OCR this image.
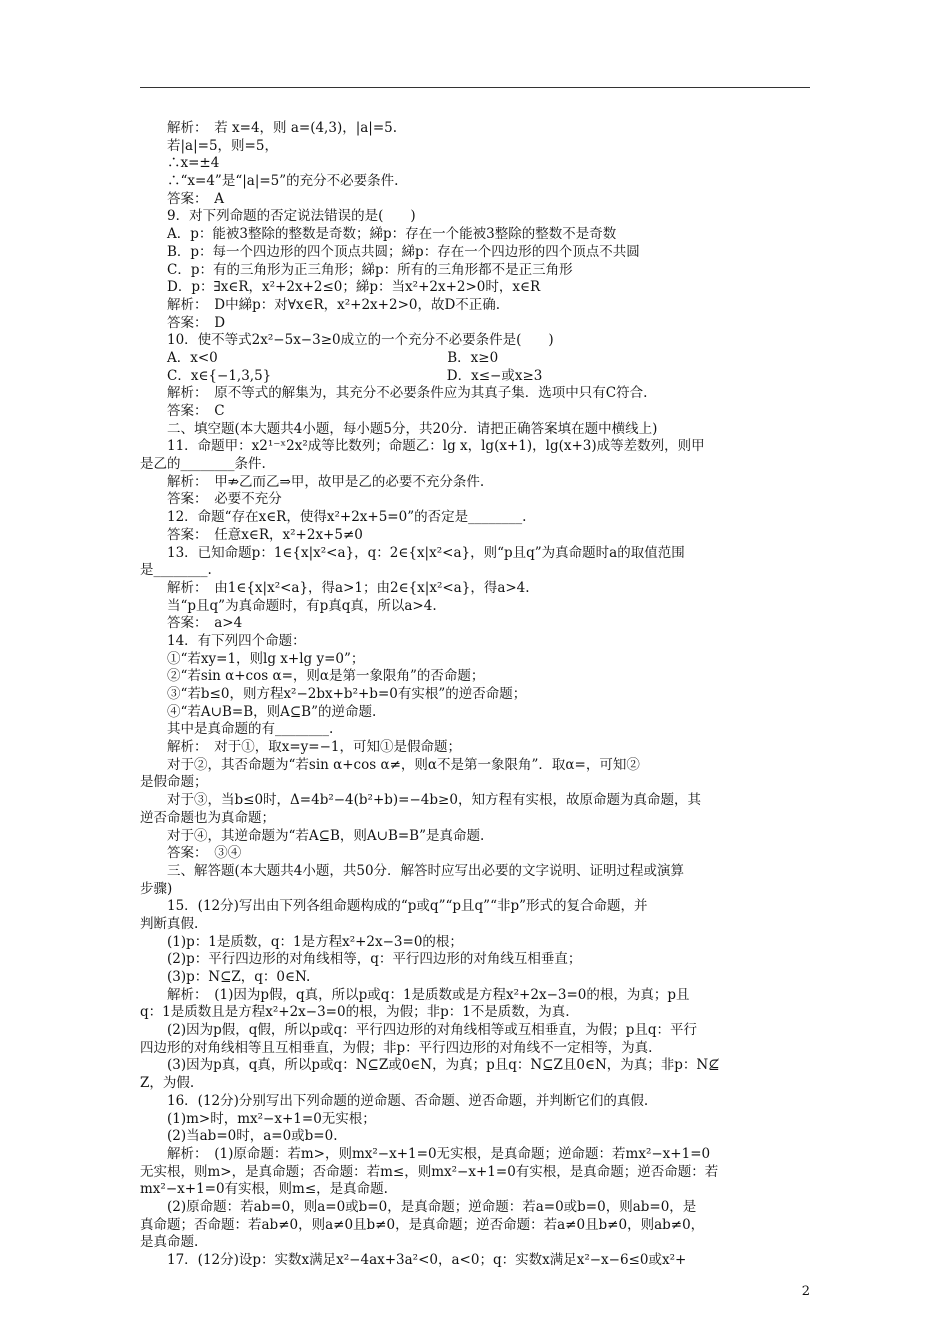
　　解析：　若 x=4，则 a=(4,3)，|a|=5.
　　若|a|=5，则=5，
　　∴x=±4
　　∴“x=4”是“|a|=5”的充分不必要条件.
　　答案：　A
　　9．对下列命题的否定说法错误的是(　　)
　　A．p：能被3整除的整数是奇数；綈p：存在一个能被3整除的整数不是奇数
　　B．p：每一个四边形的四个顶点共圆；綈p：存在一个四边形的四个顶点不共圆
　　C．p：有的三角形为正三角形；綈p：所有的三角形都不是正三角形
　　D．p：∃x∈R，x²+2x+2≤0；綈p：当x²+2x+2>0时，x∈R
　　解析：　D中綈p：对∀x∈R，x²+2x+2>0，故D不正确.
　　答案：　D
　　10．使不等式2x²−5x−3≥0成立的一个充分不必要条件是(　　)
　　A．x<0　　　　　　　　　　　　　　　　　B．x≥0
　　C．x∈{−1,3,5}　　　　　　　　　　　　　D．x≤−或x≥3
　　解析：　原不等式的解集为，其充分不必要条件应为其真子集．选项中只有C符合.
　　答案：　C
　　二、填空题(本大题共4小题，每小题5分，共20分．请把正确答案填在题中横线上)
　　11．命题甲：x2¹⁻ˣ2x²成等比数列；命题乙：lg x，lg(x+1)，lg(x+3)成等差数列，则甲
是乙的________条件.
　　解析：　甲⇏乙而乙⇒甲，故甲是乙的必要不充分条件.
　　答案：　必要不充分
　　12．命题“存在x∈R，使得x²+2x+5=0”的否定是________.
　　答案：　任意x∈R，x²+2x+5≠0
　　13．已知命题p：1∈{x|x²<a}，q：2∈{x|x²<a}，则“p且q”为真命题时a的取值范围
是________.
　　解析：　由1∈{x|x²<a}，得a>1；由2∈{x|x²<a}，得a>4.
　　当“p且q”为真命题时，有p真q真，所以a>4.
　　答案：　a>4
　　14．有下列四个命题：
　　①“若xy=1，则lg x+lg y=0”；
　　②“若sin α+cos α=，则α是第一象限角”的否命题；
　　③“若b≤0，则方程x²−2bx+b²+b=0有实根”的逆否命题；
　　④“若A∪B=B，则A⊆B”的逆命题.
　　其中是真命题的有________.
　　解析：　对于①，取x=y=−1，可知①是假命题；
　　对于②，其否命题为“若sin α+cos α≠，则α不是第一象限角”．取α=，可知②
是假命题；
　　对于③，当b≤0时，Δ=4b²−4(b²+b)=−4b≥0，知方程有实根，故原命题为真命题，其
逆否命题也为真命题；
　　对于④，其逆命题为“若A⊆B，则A∪B=B”是真命题.
　　答案：　③④
　　三、解答题(本大题共4小题，共50分．解答时应写出必要的文字说明、证明过程或演算
步骤)
　　15．(12分)写出由下列各组命题构成的“p或q”“p且q”“非p”形式的复合命题，并
判断真假.
　　(1)p：1是质数，q：1是方程x²+2x−3=0的根；
　　(2)p：平行四边形的对角线相等，q：平行四边形的对角线互相垂直；
　　(3)p：N⊆Z，q：0∈N.
　　解析：　(1)因为p假，q真，所以p或q：1是质数或是方程x²+2x−3=0的根，为真；p且
q：1是质数且是方程x²+2x−3=0的根，为假；非p：1不是质数，为真.
　　(2)因为p假，q假，所以p或q：平行四边形的对角线相等或互相垂直，为假；p且q：平行
四边形的对角线相等且互相垂直，为假；非p：平行四边形的对角线不一定相等，为真.
　　(3)因为p真，q真，所以p或q：N⊆Z或0∈N，为真；p且q：N⊆Z且0∈N，为真；非p：N⊈
Z，为假.
　　16．(12分)分别写出下列命题的逆命题、否命题、逆否命题，并判断它们的真假.
　　(1)m>时，mx²−x+1=0无实根；
　　(2)当ab=0时，a=0或b=0.
　　解析：　(1)原命题：若m>，则mx²−x+1=0无实根，是真命题；逆命题：若mx²−x+1=0
无实根，则m>，是真命题；否命题：若m≤，则mx²−x+1=0有实根，是真命题；逆否命题：若
mx²−x+1=0有实根，则m≤，是真命题.
　　(2)原命题：若ab=0，则a=0或b=0，是真命题；逆命题：若a=0或b=0，则ab=0，是
真命题；否命题：若ab≠0，则a≠0且b≠0，是真命题；逆否命题：若a≠0且b≠0，则ab≠0，
是真命题.
　　17．(12分)设p：实数x满足x²−4ax+3a²<0，a<0；q：实数x满足x²−x−6≤0或x²+
2
